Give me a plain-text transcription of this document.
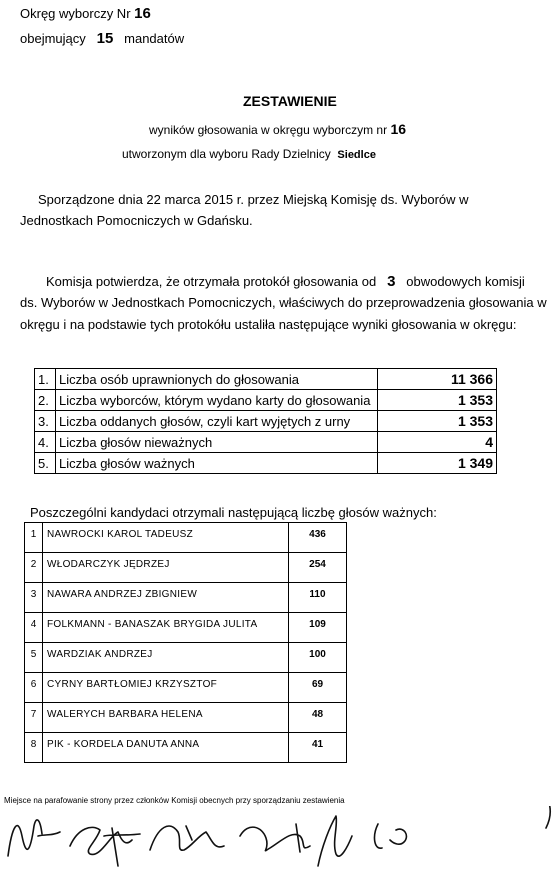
Okręg wyborczy Nr 16
obejmujący 15 mandatów
ZESTAWIENIE
wyników głosowania w okręgu wyborczym nr 16
utworzonym dla wyboru Rady Dzielnicy Siedlce
Sporządzone dnia 22 marca 2015 r. przez Miejską Komisję ds. Wyborów w
Jednostkach Pomocniczych w Gdańsku.
Komisja potwierdza, że otrzymała protokół głosowania od 3 obwodowych komisji
ds. Wyborów w Jednostkach Pomocniczych, właściwych do przeprowadzenia głosowania w
okręgu i na podstawie tych protokółu ustaliła następujące wyniki głosowania w okręgu:
1.	Liczba osób uprawnionych do głosowania	11 366
2.	Liczba wyborców, którym wydano karty do głosowania	1 353
3.	Liczba oddanych głosów, czyli kart wyjętych z urny	1 353
4.	Liczba głosów nieważnych	4
5.	Liczba głosów ważnych	1 349
Poszczególni kandydaci otrzymali następującą liczbę głosów ważnych:
1	NAWROCKI KAROL TADEUSZ	436
2	WŁODARCZYK JĘDRZEJ	254
3	NAWARA ANDRZEJ ZBIGNIEW	110
4	FOLKMANN - BANASZAK BRYGIDA JULITA	109
5	WARDZIAK ANDRZEJ	100
6	CYRNY BARTŁOMIEJ KRZYSZTOF	69
7	WALERYCH BARBARA HELENA	48
8	PIK - KORDELA DANUTA ANNA	41
Miejsce na parafowanie strony przez członków Komisji obecnych przy sporządzaniu zestawienia
